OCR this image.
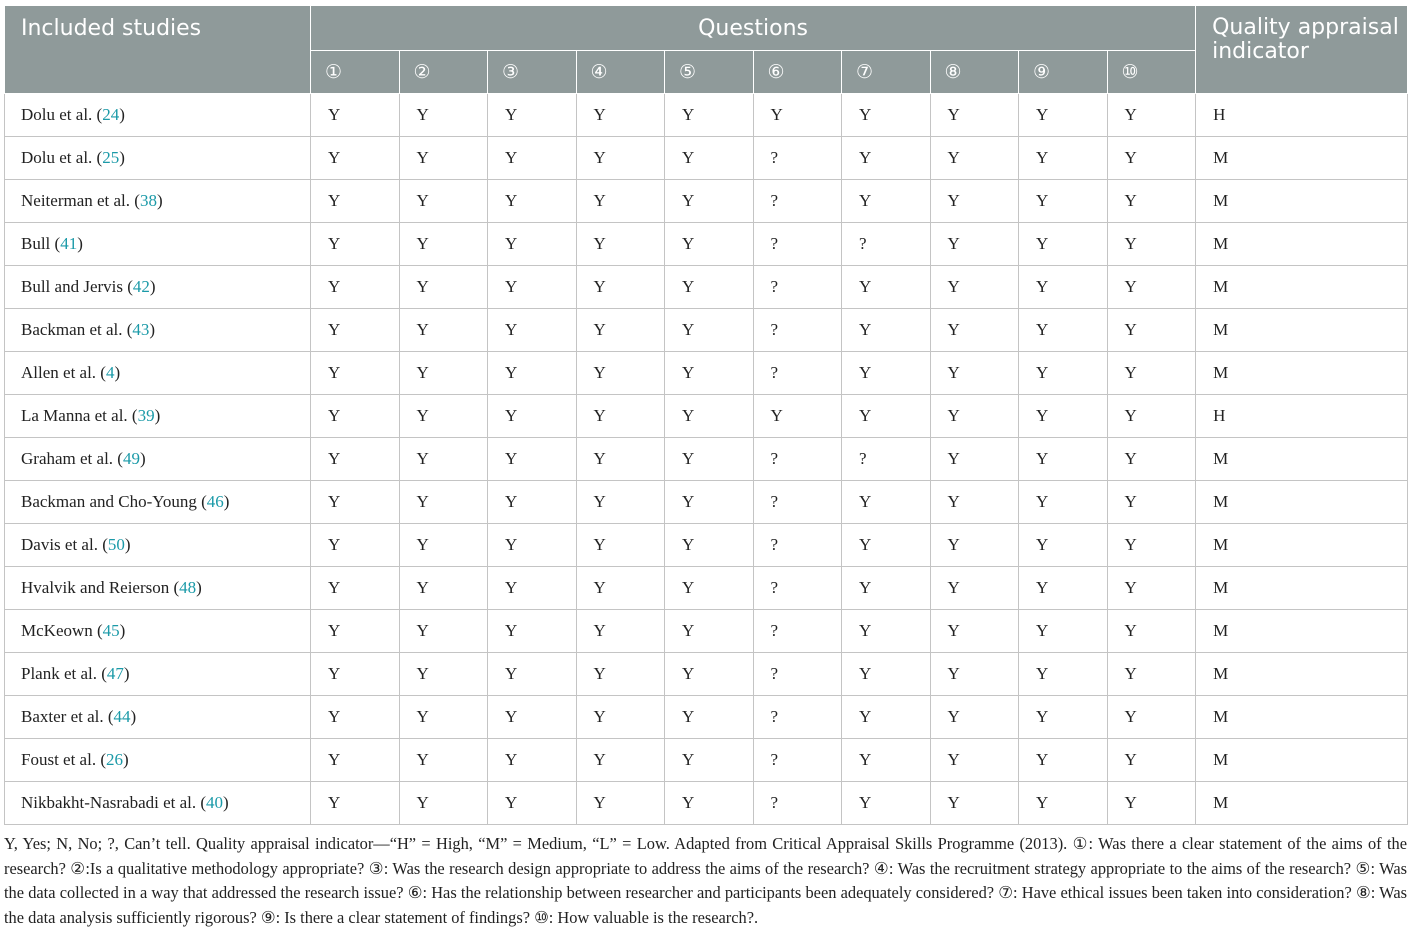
Included studies	Questions										Quality appraisal indicator
	①	②	③	④	⑤	⑥	⑦	⑧	⑨	⑩	
Dolu et al. (24)	Y	Y	Y	Y	Y	Y	Y	Y	Y	Y	H
Dolu et al. (25)	Y	Y	Y	Y	Y	?	Y	Y	Y	Y	M
Neiterman et al. (38)	Y	Y	Y	Y	Y	?	Y	Y	Y	Y	M
Bull (41)	Y	Y	Y	Y	Y	?	?	Y	Y	Y	M
Bull and Jervis (42)	Y	Y	Y	Y	Y	?	Y	Y	Y	Y	M
Backman et al. (43)	Y	Y	Y	Y	Y	?	Y	Y	Y	Y	M
Allen et al. (4)	Y	Y	Y	Y	Y	?	Y	Y	Y	Y	M
La Manna et al. (39)	Y	Y	Y	Y	Y	Y	Y	Y	Y	Y	H
Graham et al. (49)	Y	Y	Y	Y	Y	?	?	Y	Y	Y	M
Backman and Cho-Young (46)	Y	Y	Y	Y	Y	?	Y	Y	Y	Y	M
Davis et al. (50)	Y	Y	Y	Y	Y	?	Y	Y	Y	Y	M
Hvalvik and Reierson (48)	Y	Y	Y	Y	Y	?	Y	Y	Y	Y	M
McKeown (45)	Y	Y	Y	Y	Y	?	Y	Y	Y	Y	M
Plank et al. (47)	Y	Y	Y	Y	Y	?	Y	Y	Y	Y	M
Baxter et al. (44)	Y	Y	Y	Y	Y	?	Y	Y	Y	Y	M
Foust et al. (26)	Y	Y	Y	Y	Y	?	Y	Y	Y	Y	M
Nikbakht-Nasrabadi et al. (40)	Y	Y	Y	Y	Y	?	Y	Y	Y	Y	M

Y, Yes; N, No; ?, Can’t tell. Quality appraisal indicator—“H” = High, “M” = Medium, “L” = Low. Adapted from Critical Appraisal Skills Programme (2013). ①: Was there a clear statement of the aims of the research? ②:Is a qualitative methodology appropriate? ③: Was the research design appropriate to address the aims of the research? ④: Was the recruitment strategy appropriate to the aims of the research? ⑤: Was the data collected in a way that addressed the research issue? ⑥: Has the relationship between researcher and participants been adequately considered? ⑦: Have ethical issues been taken into consideration? ⑧: Was the data analysis sufficiently rigorous? ⑨: Is there a clear statement of findings? ⑩: How valuable is the research?.
